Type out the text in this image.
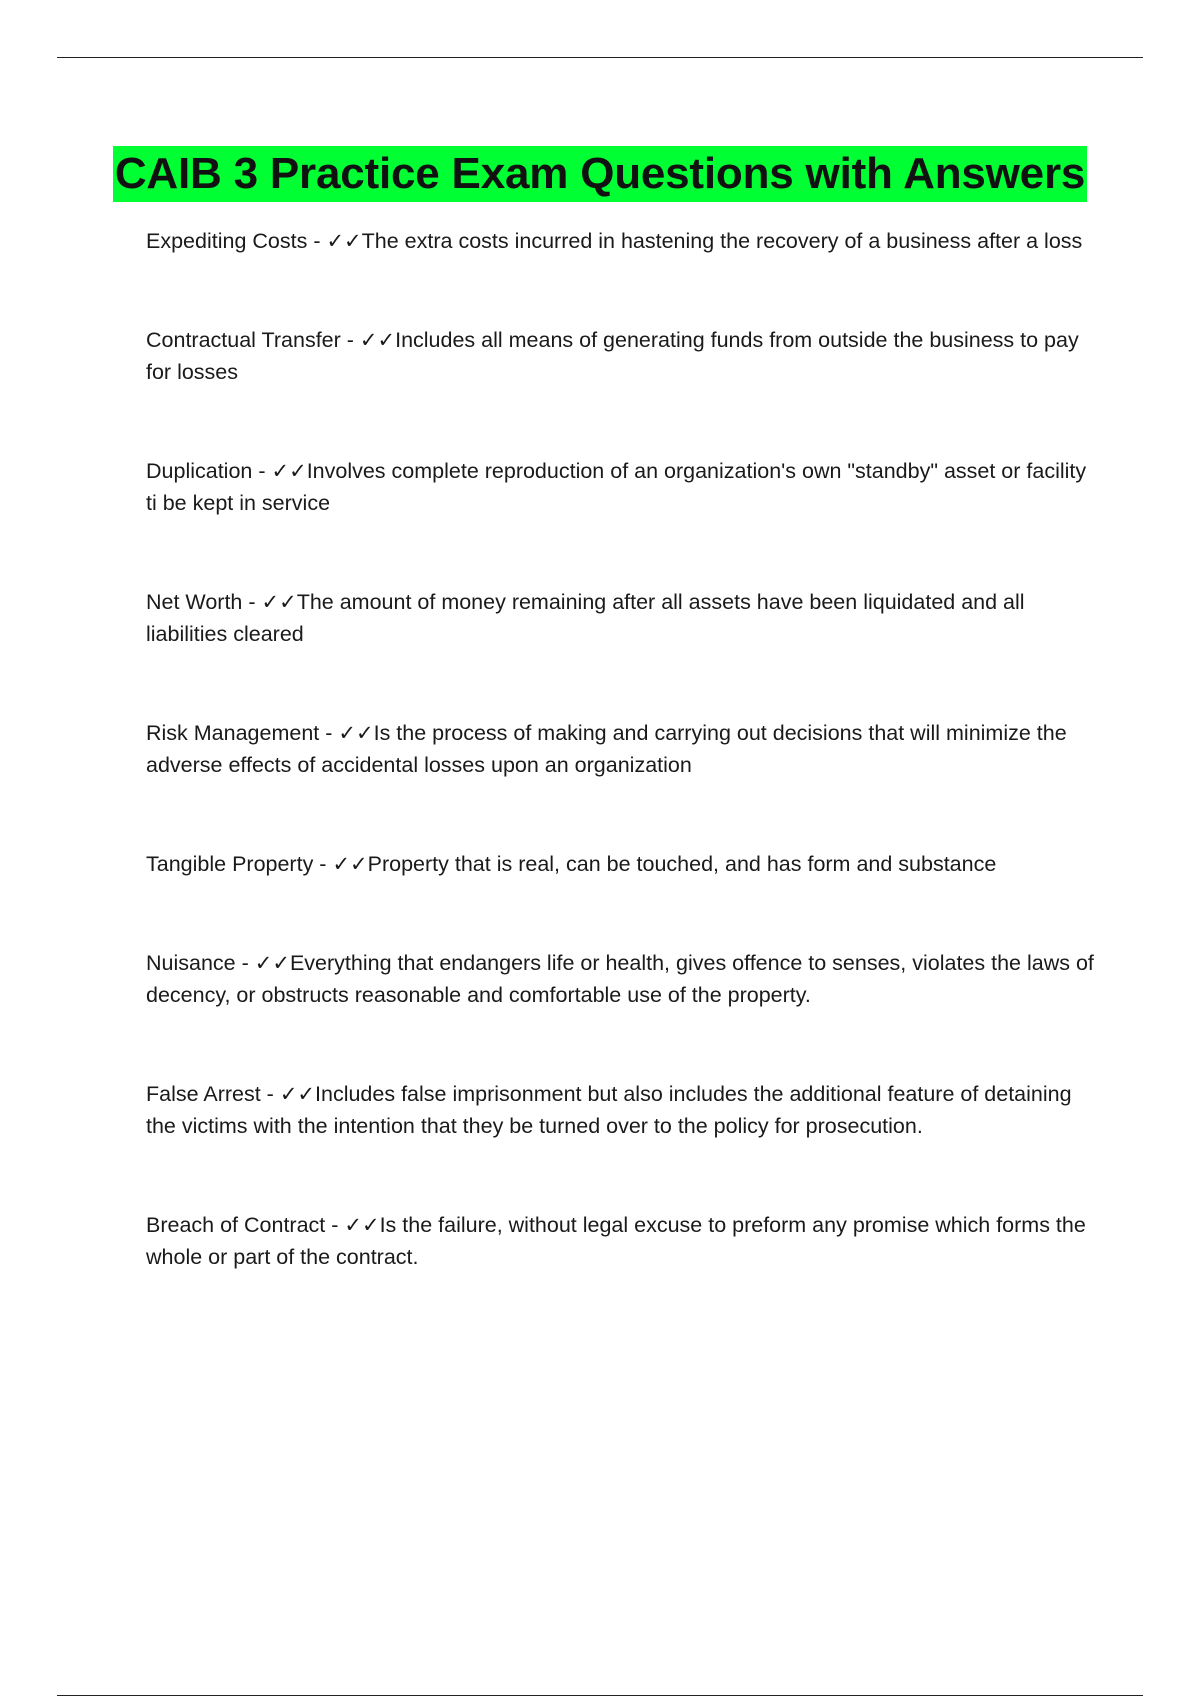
CAIB 3 Practice Exam Questions with Answers
Expediting Costs - ✓✓The extra costs incurred in hastening the recovery of a business after a loss
Contractual Transfer - ✓✓Includes all means of generating funds from outside the business to pay for losses
Duplication - ✓✓Involves complete reproduction of an organization's own "standby" asset or facility ti be kept in service
Net Worth - ✓✓The amount of money remaining after all assets have been liquidated and all liabilities cleared
Risk Management - ✓✓Is the process of making and carrying out decisions that will minimize the adverse effects of accidental losses upon an organization
Tangible Property - ✓✓Property that is real, can be touched, and has form and substance
Nuisance - ✓✓Everything that endangers life or health, gives offence to senses, violates the laws of decency, or obstructs reasonable and comfortable use of the property.
False Arrest - ✓✓Includes false imprisonment but also includes the additional feature of detaining the victims with the intention that they be turned over to the policy for prosecution.
Breach of Contract - ✓✓Is the failure, without legal excuse to preform any promise which forms the whole or part of the contract.
